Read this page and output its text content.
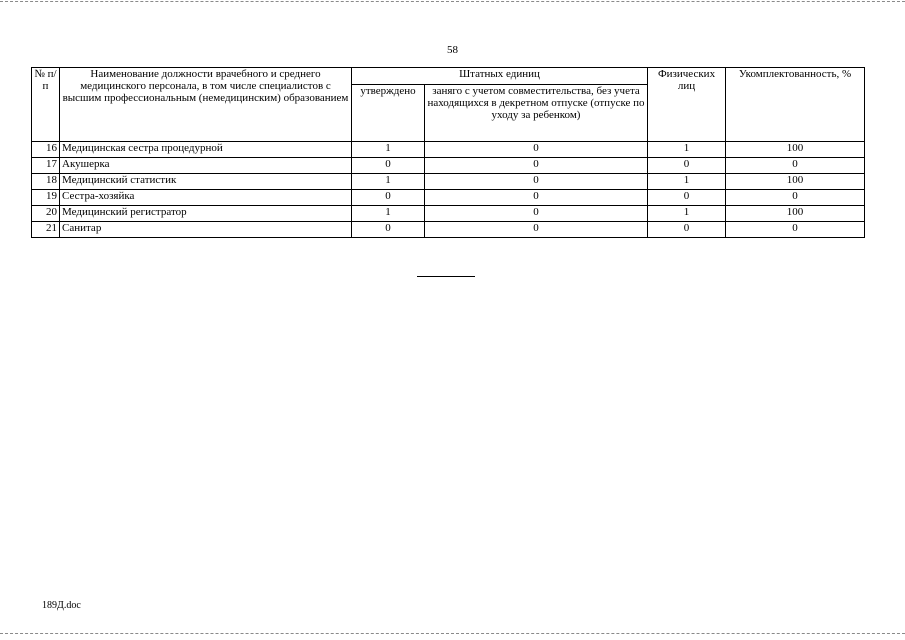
58
№ п/п	Наименование должности врачебного и среднего медицинского персонала, в том числе специалистов с высшим профессиональным (немедицинским) образованием	Штатных единиц		Физических лиц	Укомплектованность, %
		утверждено	заняго с учетом совместительства, без учета находящихся в декретном отпуске (отпуске по уходу за ребенком)		
16	Медицинская сестра процедурной	1	0	1	100
17	Акушерка	0	0	0	0
18	Медицинский статистик	1	0	1	100
19	Сестра-хозяйка	0	0	0	0
20	Медицинский регистратор	1	0	1	100
21	Санитар	0	0	0	0
189Д.doc
